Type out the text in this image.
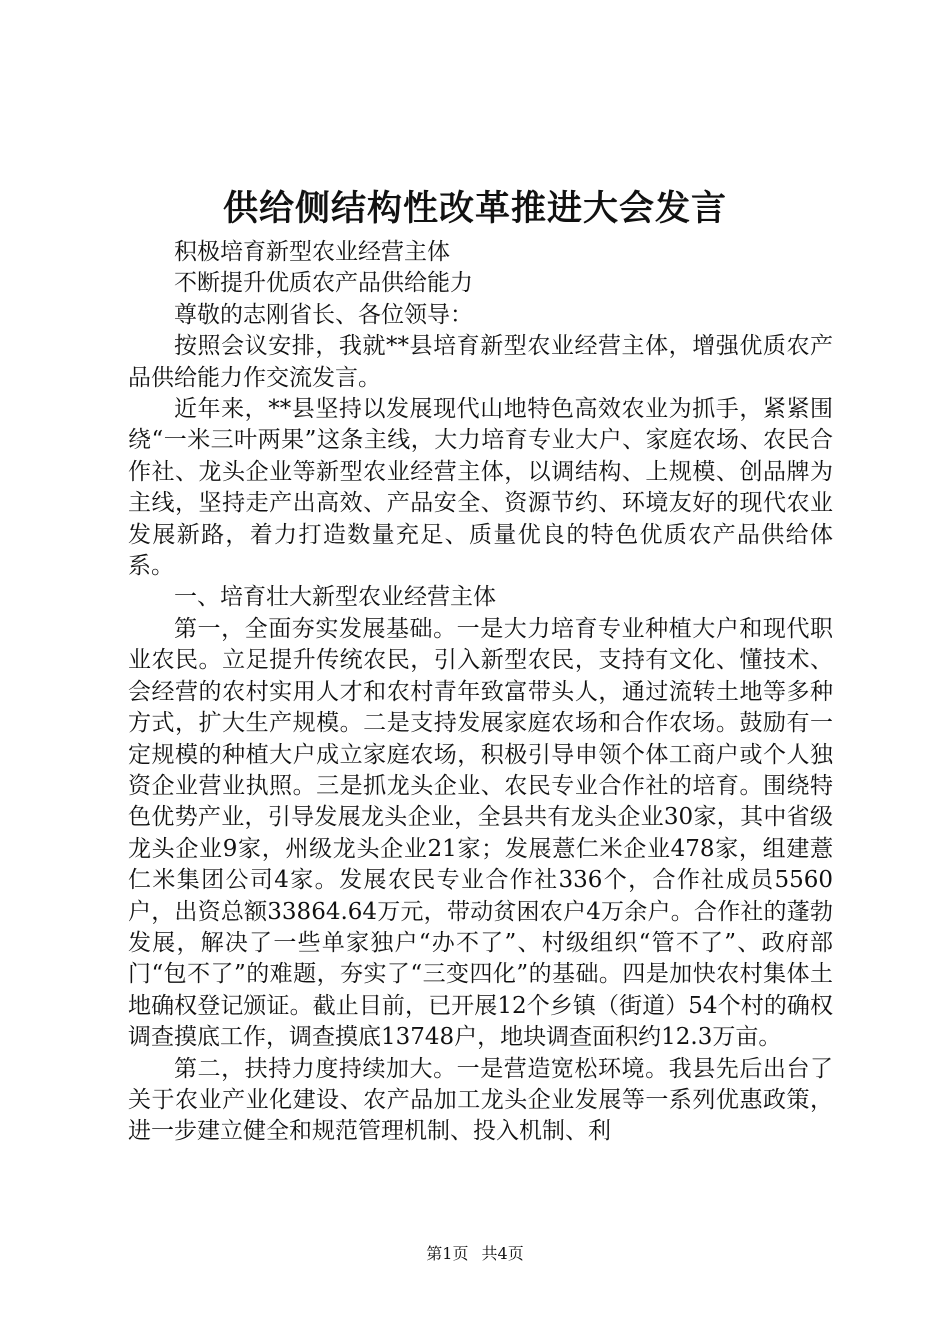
供给侧结构性改革推进大会发言

积极培育新型农业经营主体

不断提升优质农产品供给能力

尊敬的志刚省长、各位领导：

按照会议安排，我就**县培育新型农业经营主体，增强优质农产品供给能力作交流发言。

近年来，**县坚持以发展现代山地特色高效农业为抓手，紧紧围绕“一米三叶两果”这条主线，大力培育专业大户、家庭农场、农民合作社、龙头企业等新型农业经营主体，以调结构、上规模、创品牌为主线，坚持走产出高效、产品安全、资源节约、环境友好的现代农业发展新路，着力打造数量充足、质量优良的特色优质农产品供给体系。

一、培育壮大新型农业经营主体

第一，全面夯实发展基础。一是大力培育专业种植大户和现代职业农民。立足提升传统农民，引入新型农民，支持有文化、懂技术、会经营的农村实用人才和农村青年致富带头人，通过流转土地等多种方式，扩大生产规模。二是支持发展家庭农场和合作农场。鼓励有一定规模的种植大户成立家庭农场，积极引导申领个体工商户或个人独资企业营业执照。三是抓龙头企业、农民专业合作社的培育。围绕特色优势产业，引导发展龙头企业，全县共有龙头企业30家，其中省级龙头企业9家，州级龙头企业21家；发展薏仁米企业478家，组建薏仁米集团公司4家。发展农民专业合作社336个，合作社成员5560户，出资总额33864.64万元，带动贫困农户4万余户。合作社的蓬勃发展，解决了一些单家独户“办不了”、村级组织“管不了”、政府部门“包不了”的难题，夯实了“三变四化”的基础。四是加快农村集体土地确权登记颁证。截止目前，已开展12个乡镇（街道）54个村的确权调查摸底工作，调查摸底13748户，地块调查面积约12.3万亩。

第二，扶持力度持续加大。一是营造宽松环境。我县先后出台了关于农业产业化建设、农产品加工龙头企业发展等一系列优惠政策，进一步建立健全和规范管理机制、投入机制、利

第1页 共4页
